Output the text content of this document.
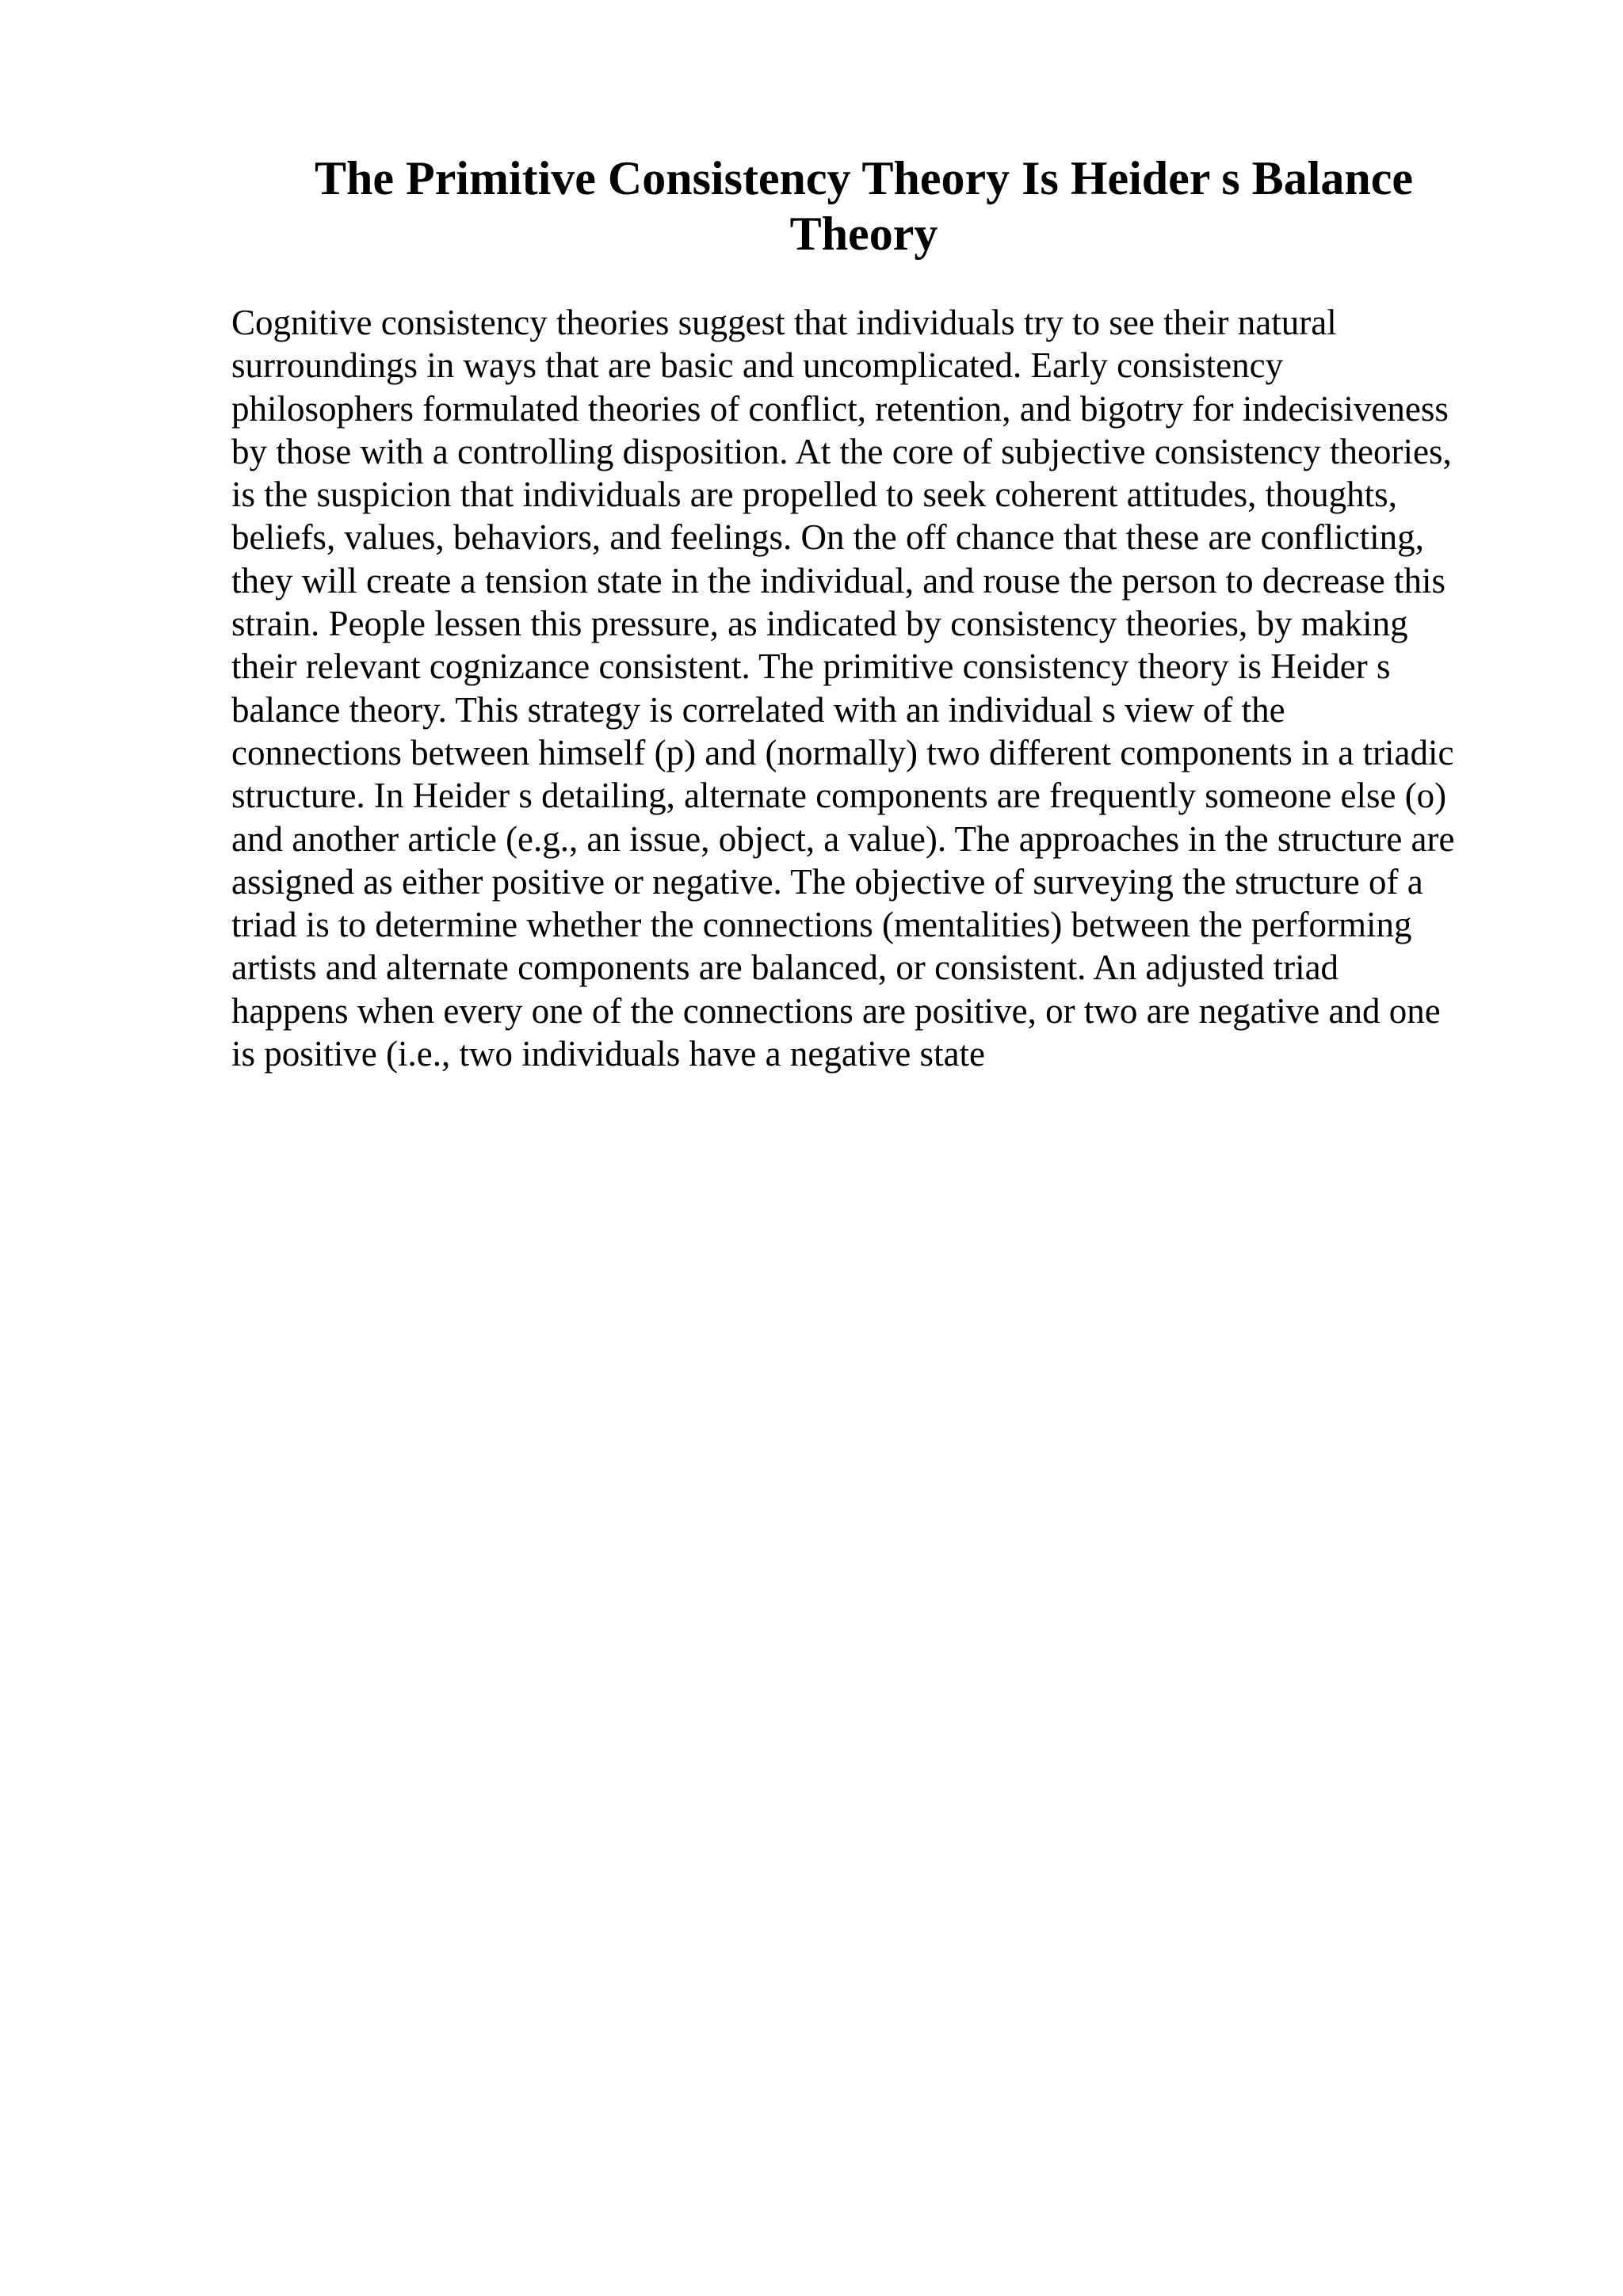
The Primitive Consistency Theory Is Heider s Balance Theory
Cognitive consistency theories suggest that individuals try to see their natural
surroundings in ways that are basic and uncomplicated. Early consistency
philosophers formulated theories of conflict, retention, and bigotry for indecisiveness
by those with a controlling disposition. At the core of subjective consistency theories,
is the suspicion that individuals are propelled to seek coherent attitudes, thoughts,
beliefs, values, behaviors, and feelings. On the off chance that these are conflicting,
they will create a tension state in the individual, and rouse the person to decrease this
strain. People lessen this pressure, as indicated by consistency theories, by making
their relevant cognizance consistent. The primitive consistency theory is Heider s
balance theory. This strategy is correlated with an individual s view of the
connections between himself (p) and (normally) two different components in a triadic
structure. In Heider s detailing, alternate components are frequently someone else (o)
and another article (e.g., an issue, object, a value). The approaches in the structure are
assigned as either positive or negative. The objective of surveying the structure of a
triad is to determine whether the connections (mentalities) between the performing
artists and alternate components are balanced, or consistent. An adjusted triad
happens when every one of the connections are positive, or two are negative and one
is positive (i.e., two individuals have a negative state
